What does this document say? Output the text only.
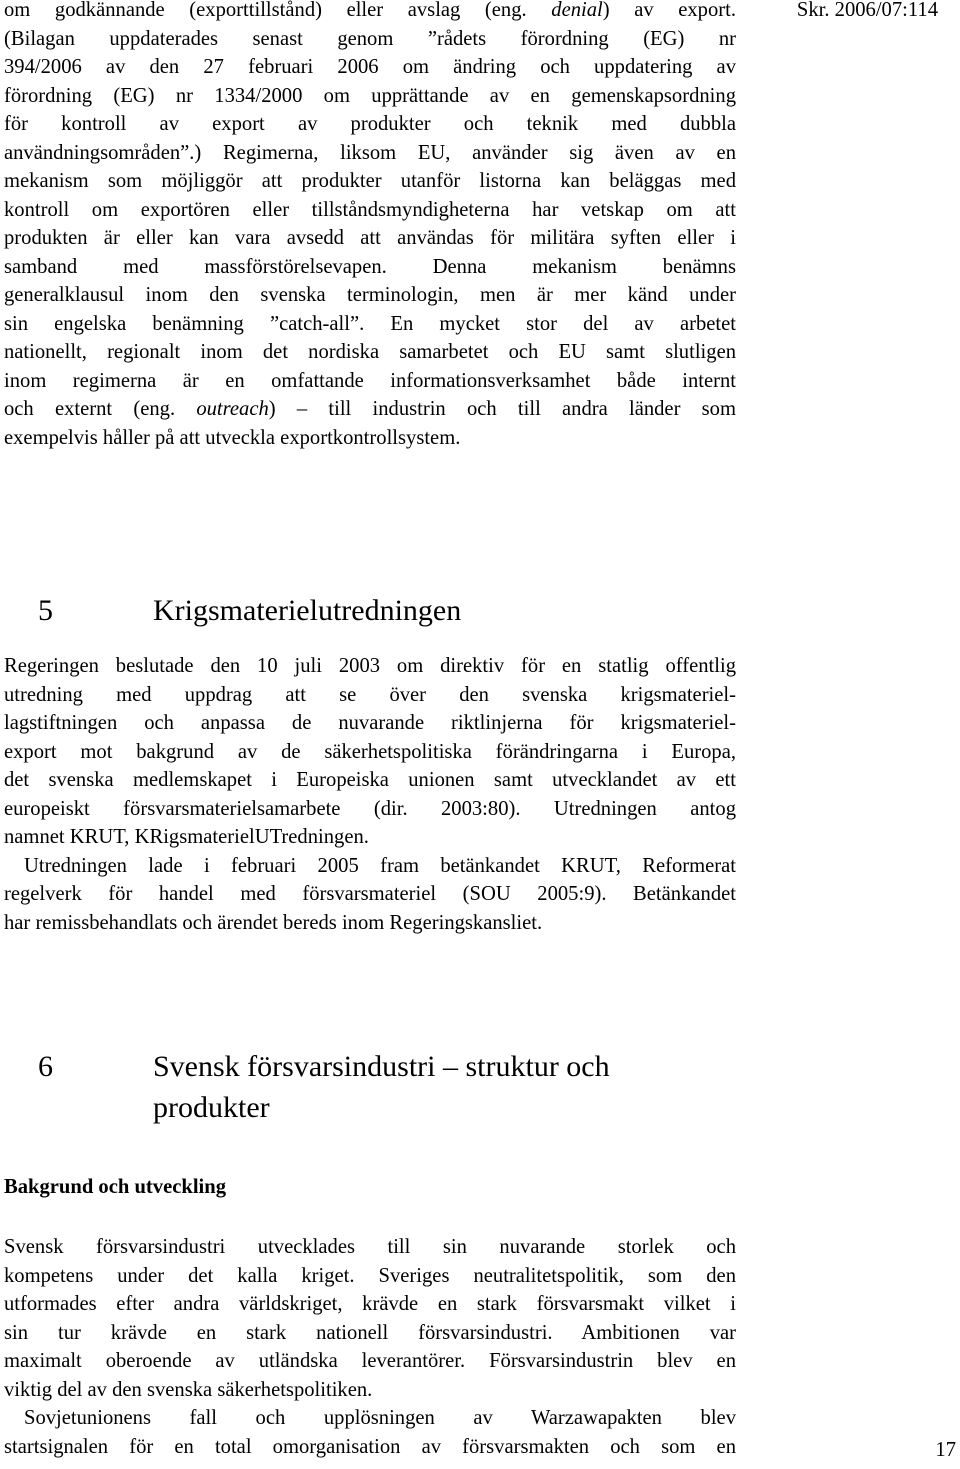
Skr. 2006/07:114
om godkännande (exporttillstånd) eller avslag (eng. denial) av export.
(Bilagan uppdaterades senast genom ”rådets förordning (EG) nr
394/2006 av den 27 februari 2006 om ändring och uppdatering av
förordning (EG) nr 1334/2000 om upprättande av en gemenskapsordning
för kontroll av export av produkter och teknik med dubbla
användningsområden”.) Regimerna, liksom EU, använder sig även av en
mekanism som möjliggör att produkter utanför listorna kan beläggas med
kontroll om exportören eller tillståndsmyndigheterna har vetskap om att
produkten är eller kan vara avsedd att användas för militära syften eller i
samband med massförstörelsevapen. Denna mekanism benämns
generalklausul inom den svenska terminologin, men är mer känd under
sin engelska benämning ”catch-all”. En mycket stor del av arbetet
nationellt, regionalt inom det nordiska samarbetet och EU samt slutligen
inom regimerna är en omfattande informationsverksamhet både internt
och externt (eng. outreach) – till industrin och till andra länder som
exempelvis håller på att utveckla exportkontrollsystem.
5	Krigsmaterielutredningen
Regeringen beslutade den 10 juli 2003 om direktiv för en statlig offentlig
utredning med uppdrag att se över den svenska krigsmateriel-
lagstiftningen och anpassa de nuvarande riktlinjerna för krigsmateriel-
export mot bakgrund av de säkerhetspolitiska förändringarna i Europa,
det svenska medlemskapet i Europeiska unionen samt utvecklandet av ett
europeiskt försvarsmaterielsamarbete (dir. 2003:80). Utredningen antog
namnet KRUT, KRigsmaterielUTredningen.
Utredningen lade i februari 2005 fram betänkandet KRUT, Reformerat
regelverk för handel med försvarsmateriel (SOU 2005:9). Betänkandet
har remissbehandlats och ärendet bereds inom Regeringskansliet.
6	Svensk försvarsindustri – struktur och
produkter
Bakgrund och utveckling
Svensk försvarsindustri utvecklades till sin nuvarande storlek och
kompetens under det kalla kriget. Sveriges neutralitetspolitik, som den
utformades efter andra världskriget, krävde en stark försvarsmakt vilket i
sin tur krävde en stark nationell försvarsindustri. Ambitionen var
maximalt oberoende av utländska leverantörer. Försvarsindustrin blev en
viktig del av den svenska säkerhetspolitiken.
Sovjetunionens fall och upplösningen av Warzawapakten blev
startsignalen för en total omorganisation av försvarsmakten och som en	17
